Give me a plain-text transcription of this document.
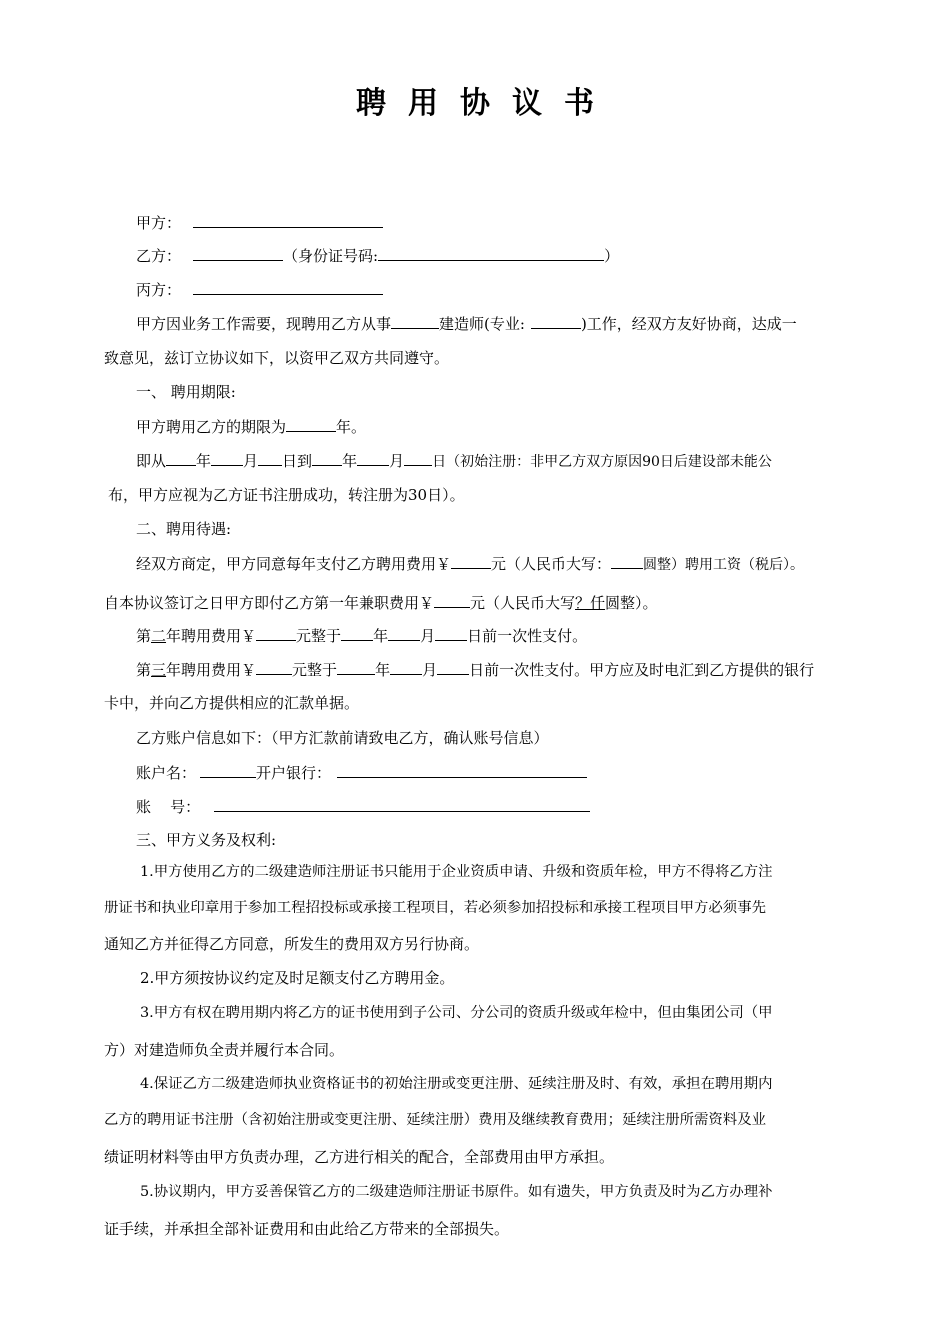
聘用协议书
甲方：
乙方：	（身份证号码:	）
丙方：
甲方因业务工作需要，现聘用乙方从事	建造师(专业:	)工作，经双方友好协商，达成一
致意见，兹订立协议如下，以资甲乙双方共同遵守。
一、 聘用期限:
甲方聘用乙方的期限为	年。
即从 年 月 日到 年 月 日（初始注册：非甲乙方双方原因90日后建设部未能公
布，甲方应视为乙方证书注册成功，转注册为30日）。
二、聘用待遇:
经双方商定，甲方同意每年支付乙方聘用费用￥	元（人民币大写： 圆整）聘用工资（税后）。
自本协议签订之日甲方即付乙方第一年兼职费用￥ 元（人民币大写？仟圆整）。
第二年聘用费用￥	元整于 年 月 日前一次性支付。
第三年聘用费用￥ 元整于	年 月 日前一次性支付。甲方应及时电汇到乙方提供的银行
卡中，并向乙方提供相应的汇款单据。
乙方账户信息如下：（甲方汇款前请致电乙方，确认账号信息）
账户名：	开户银行：
账    号：
三、甲方义务及权利:
1.甲方使用乙方的二级建造师注册证书只能用于企业资质申请、升级和资质年检，甲方不得将乙方注
册证书和执业印章用于参加工程招投标或承接工程项目，若必须参加招投标和承接工程项目甲方必须事先
通知乙方并征得乙方同意，所发生的费用双方另行协商。
2.甲方须按协议约定及时足额支付乙方聘用金。
3.甲方有权在聘用期内将乙方的证书使用到子公司、分公司的资质升级或年检中，但由集团公司（甲
方）对建造师负全责并履行本合同。
4.保证乙方二级建造师执业资格证书的初始注册或变更注册、延续注册及时、有效，承担在聘用期内
乙方的聘用证书注册（含初始注册或变更注册、延续注册）费用及继续教育费用；延续注册所需资料及业
绩证明材料等由甲方负责办理，乙方进行相关的配合，全部费用由甲方承担。
5.协议期内，甲方妥善保管乙方的二级建造师注册证书原件。如有遗失，甲方负责及时为乙方办理补
证手续，并承担全部补证费用和由此给乙方带来的全部损失。
